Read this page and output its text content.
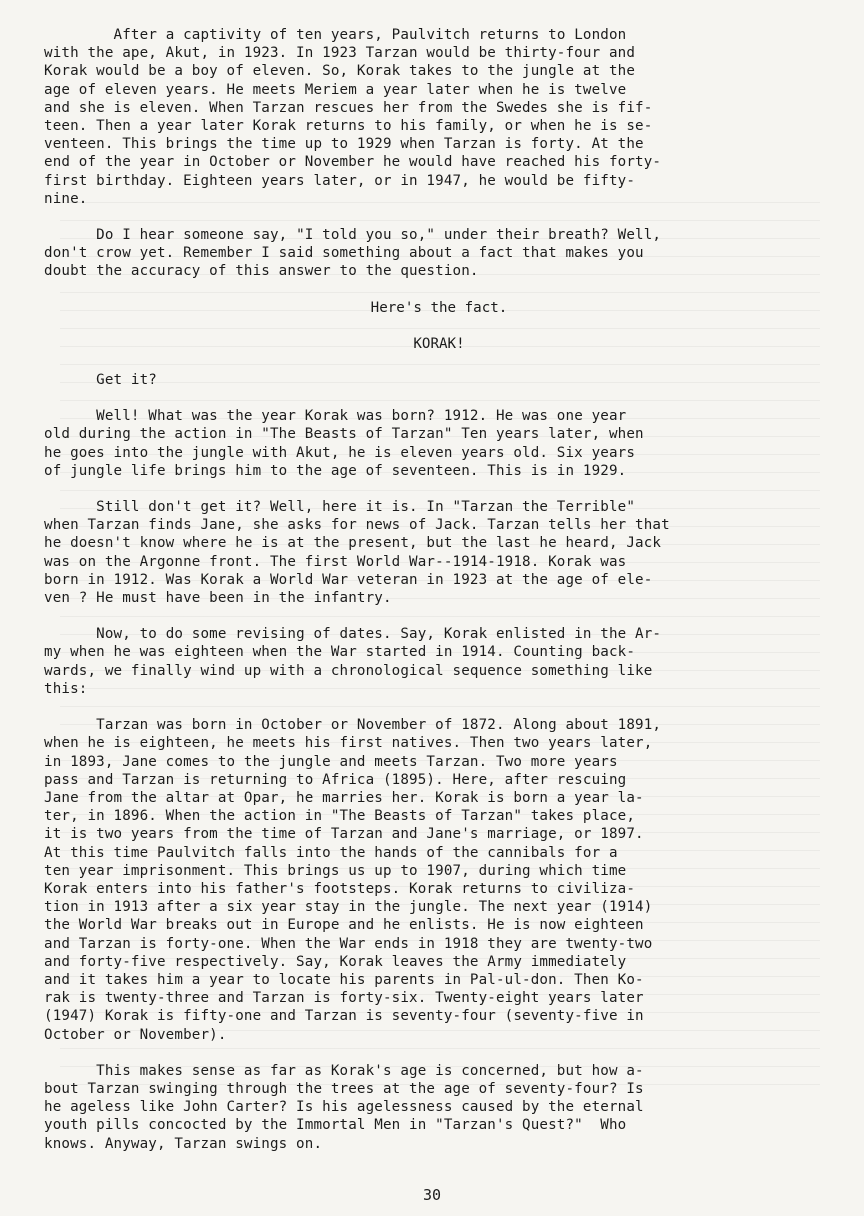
After a captivity of ten years, Paulvitch returns to London
with the ape, Akut, in 1923. In 1923 Tarzan would be thirty-four and
Korak would be a boy of eleven. So, Korak takes to the jungle at the
age of eleven years. He meets Meriem a year later when he is twelve
and she is eleven. When Tarzan rescues her from the Swedes she is fif-
teen. Then a year later Korak returns to his family, or when he is se-
venteen. This brings the time up to 1929 when Tarzan is forty. At the
end of the year in October or November he would have reached his forty-
first birthday. Eighteen years later, or in 1947, he would be fifty-
nine.
Do I hear someone say, "I told you so," under their breath? Well,
don't crow yet. Remember I said something about a fact that makes you
doubt the accuracy of this answer to the question.
Here's the fact.
KORAK!
Get it?
Well! What was the year Korak was born? 1912. He was one year
old during the action in "The Beasts of Tarzan" Ten years later, when
he goes into the jungle with Akut, he is eleven years old. Six years
of jungle life brings him to the age of seventeen. This is in 1929.
Still don't get it? Well, here it is. In "Tarzan the Terrible"
when Tarzan finds Jane, she asks for news of Jack. Tarzan tells her that
he doesn't know where he is at the present, but the last he heard, Jack
was on the Argonne front. The first World War--1914-1918. Korak was
born in 1912. Was Korak a World War veteran in 1923 at the age of ele-
ven ? He must have been in the infantry.
Now, to do some revising of dates. Say, Korak enlisted in the Ar-
my when he was eighteen when the War started in 1914. Counting back-
wards, we finally wind up with a chronological sequence something like
this:
Tarzan was born in October or November of 1872. Along about 1891,
when he is eighteen, he meets his first natives. Then two years later,
in 1893, Jane comes to the jungle and meets Tarzan. Two more years
pass and Tarzan is returning to Africa (1895). Here, after rescuing
Jane from the altar at Opar, he marries her. Korak is born a year la-
ter, in 1896. When the action in "The Beasts of Tarzan" takes place,
it is two years from the time of Tarzan and Jane's marriage, or 1897.
At this time Paulvitch falls into the hands of the cannibals for a
ten year imprisonment. This brings us up to 1907, during which time
Korak enters into his father's footsteps. Korak returns to civiliza-
tion in 1913 after a six year stay in the jungle. The next year (1914)
the World War breaks out in Europe and he enlists. He is now eighteen
and Tarzan is forty-one. When the War ends in 1918 they are twenty-two
and forty-five respectively. Say, Korak leaves the Army immediately
and it takes him a year to locate his parents in Pal-ul-don. Then Ko-
rak is twenty-three and Tarzan is forty-six. Twenty-eight years later
(1947) Korak is fifty-one and Tarzan is seventy-four (seventy-five in
October or November).
This makes sense as far as Korak's age is concerned, but how a-
bout Tarzan swinging through the trees at the age of seventy-four? Is
he ageless like John Carter? Is his agelessness caused by the eternal
youth pills concocted by the Immortal Men in "Tarzan's Quest?"  Who
knows. Anyway, Tarzan swings on.
30
